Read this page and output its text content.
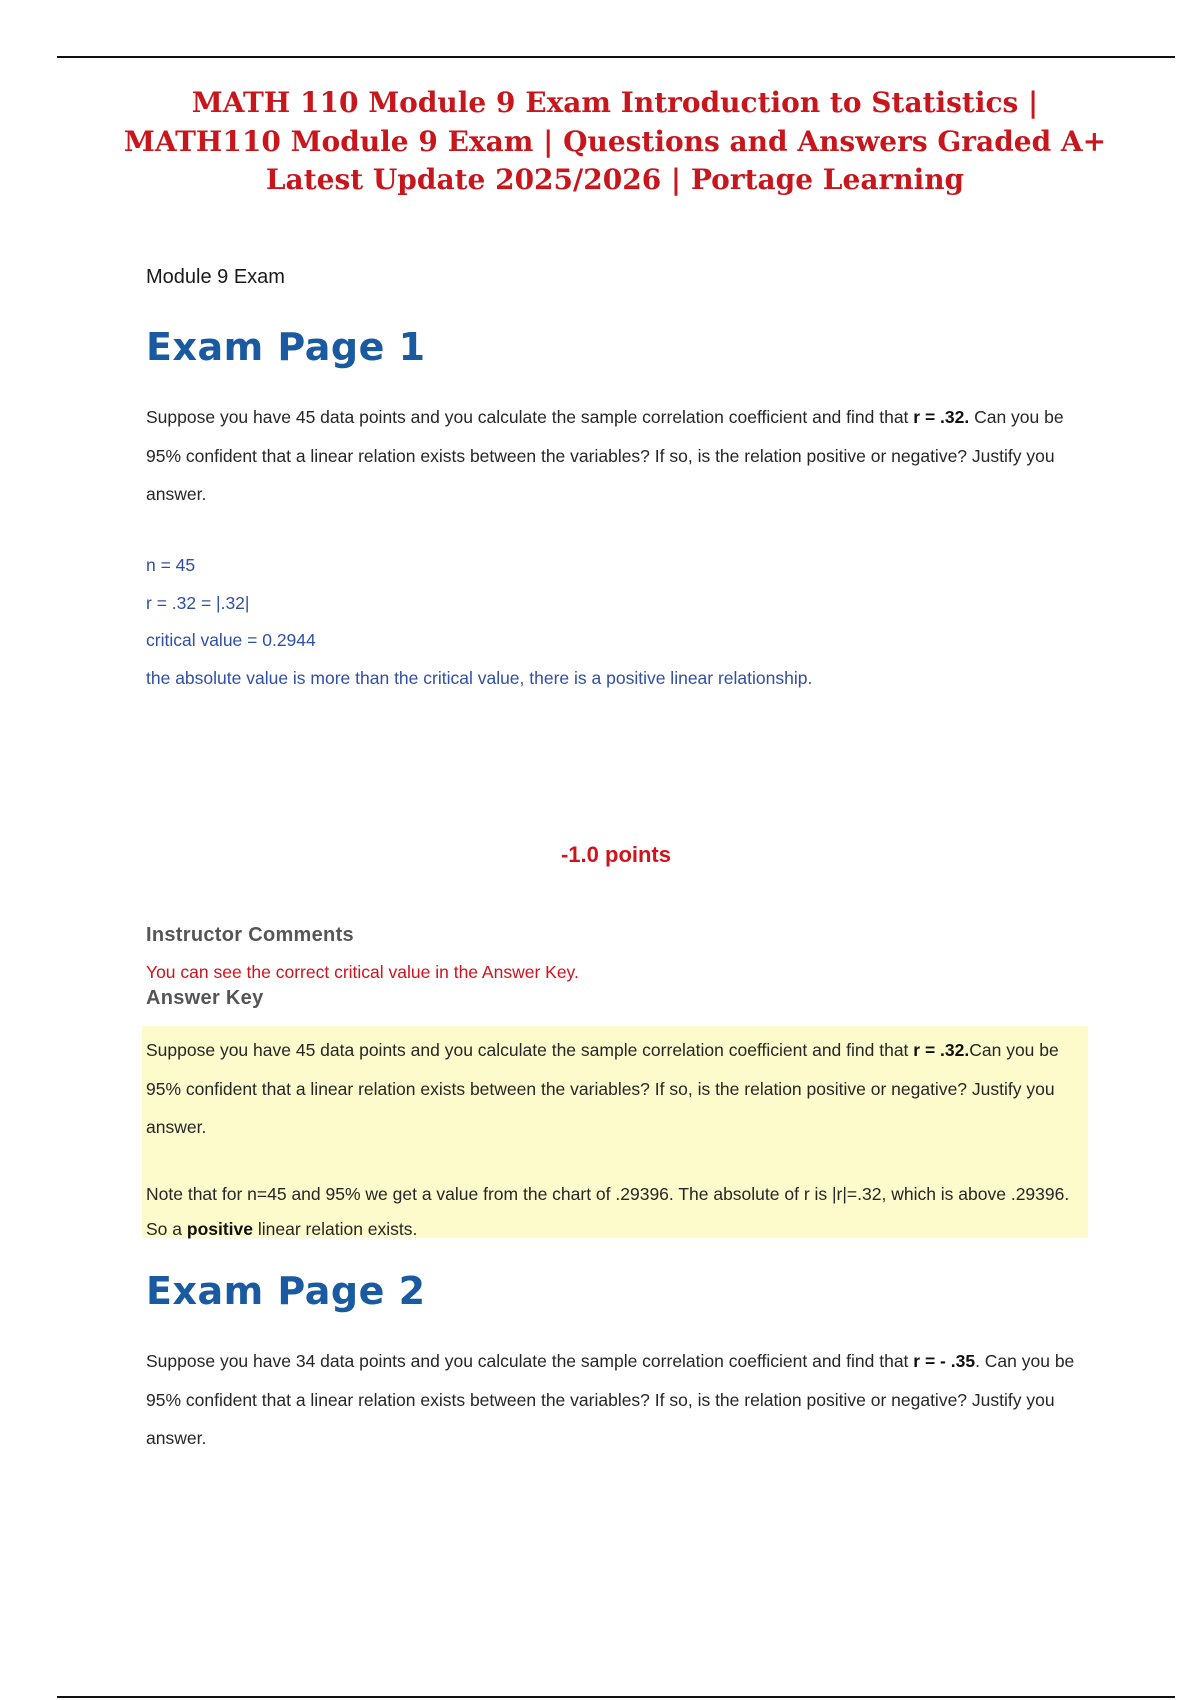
MATH 110 Module 9 Exam Introduction to Statistics | MATH110 Module 9 Exam | Questions and Answers Graded A+ Latest Update 2025/2026 | Portage Learning
Module 9 Exam
Exam Page 1
Suppose you have 45 data points and you calculate the sample correlation coefficient and find that r = .32. Can you be 95% confident that a linear relation exists between the variables? If so, is the relation positive or negative? Justify you answer.
n = 45
r = .32 = |.32|
critical value = 0.2944
the absolute value is more than the critical value, there is a positive linear relationship.
-1.0 points
Instructor Comments
You can see the correct critical value in the Answer Key.
Answer Key
Suppose you have 45 data points and you calculate the sample correlation coefficient and find that r = .32.Can you be 95% confident that a linear relation exists between the variables? If so, is the relation positive or negative? Justify you answer.
Note that for n=45 and 95% we get a value from the chart of .29396. The absolute of r is |r|=.32, which is above .29396. So a positive linear relation exists.
Exam Page 2
Suppose you have 34 data points and you calculate the sample correlation coefficient and find that r = - .35. Can you be 95% confident that a linear relation exists between the variables? If so, is the relation positive or negative? Justify you answer.
